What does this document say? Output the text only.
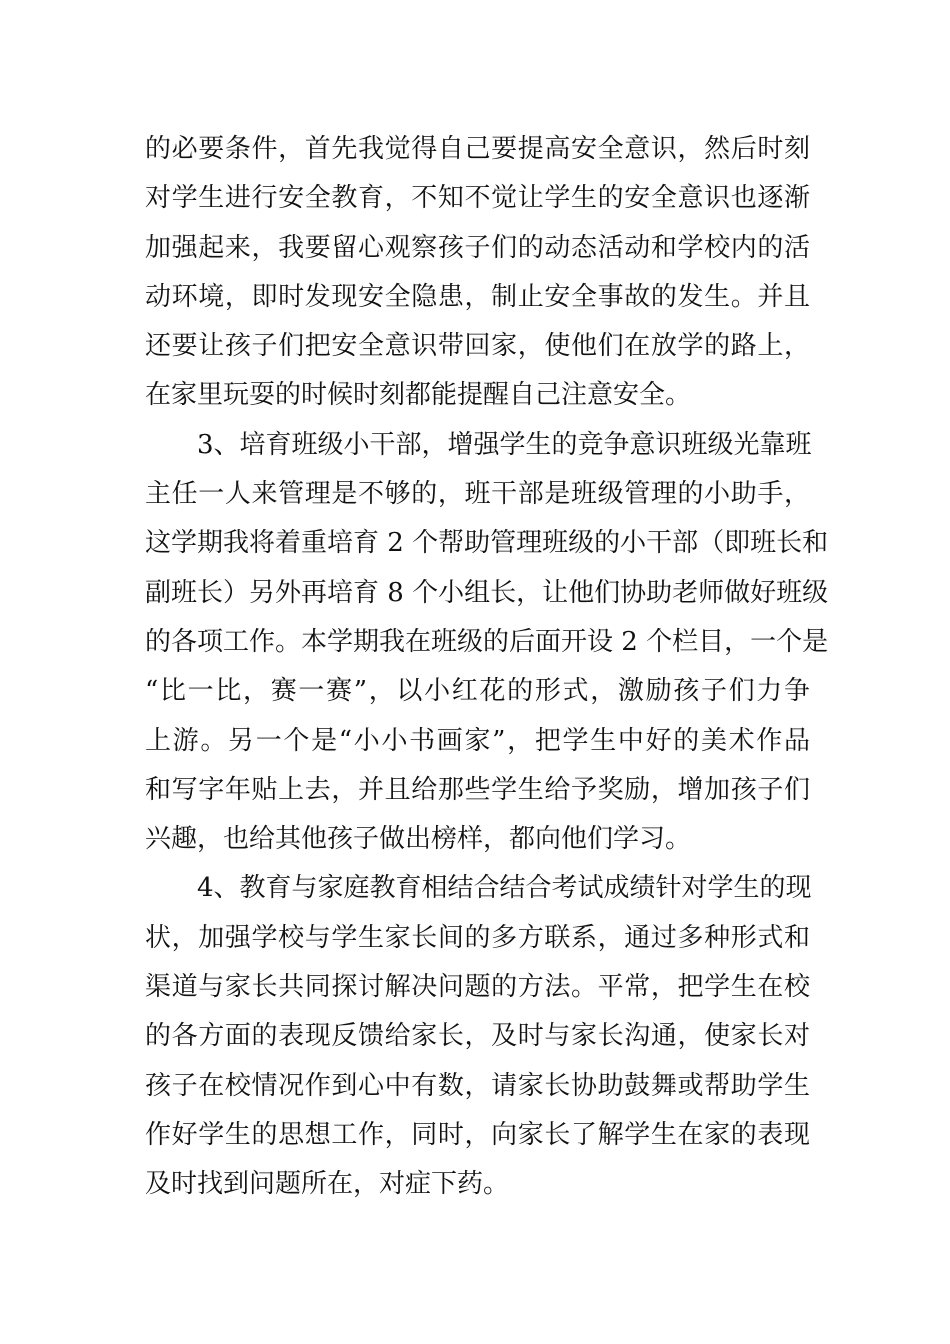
的必要条件，首先我觉得自己要提高安全意识，然后时刻
对学生进行安全教育，不知不觉让学生的安全意识也逐渐
加强起来，我要留心观察孩子们的动态活动和学校内的活
动环境，即时发现安全隐患，制止安全事故的发生。并且
还要让孩子们把安全意识带回家，使他们在放学的路上，
在家里玩耍的时候时刻都能提醒自己注意安全。
3、培育班级小干部，增强学生的竞争意识班级光靠班
主任一人来管理是不够的，班干部是班级管理的小助手，
这学期我将着重培育 2 个帮助管理班级的小干部（即班长和
副班长）另外再培育 8 个小组长，让他们协助老师做好班级
的各项工作。本学期我在班级的后面开设 2 个栏目，一个是
“比一比，赛一赛”，以小红花的形式，激励孩子们力争
上游。另一个是“小小书画家”，把学生中好的美术作品
和写字年贴上去，并且给那些学生给予奖励，增加孩子们
兴趣，也给其他孩子做出榜样，都向他们学习。
4、教育与家庭教育相结合结合考试成绩针对学生的现
状，加强学校与学生家长间的多方联系，通过多种形式和
渠道与家长共同探讨解决问题的方法。平常，把学生在校
的各方面的表现反馈给家长，及时与家长沟通，使家长对
孩子在校情况作到心中有数，请家长协助鼓舞或帮助学生
作好学生的思想工作，同时，向家长了解学生在家的表现
及时找到问题所在，对症下药。
